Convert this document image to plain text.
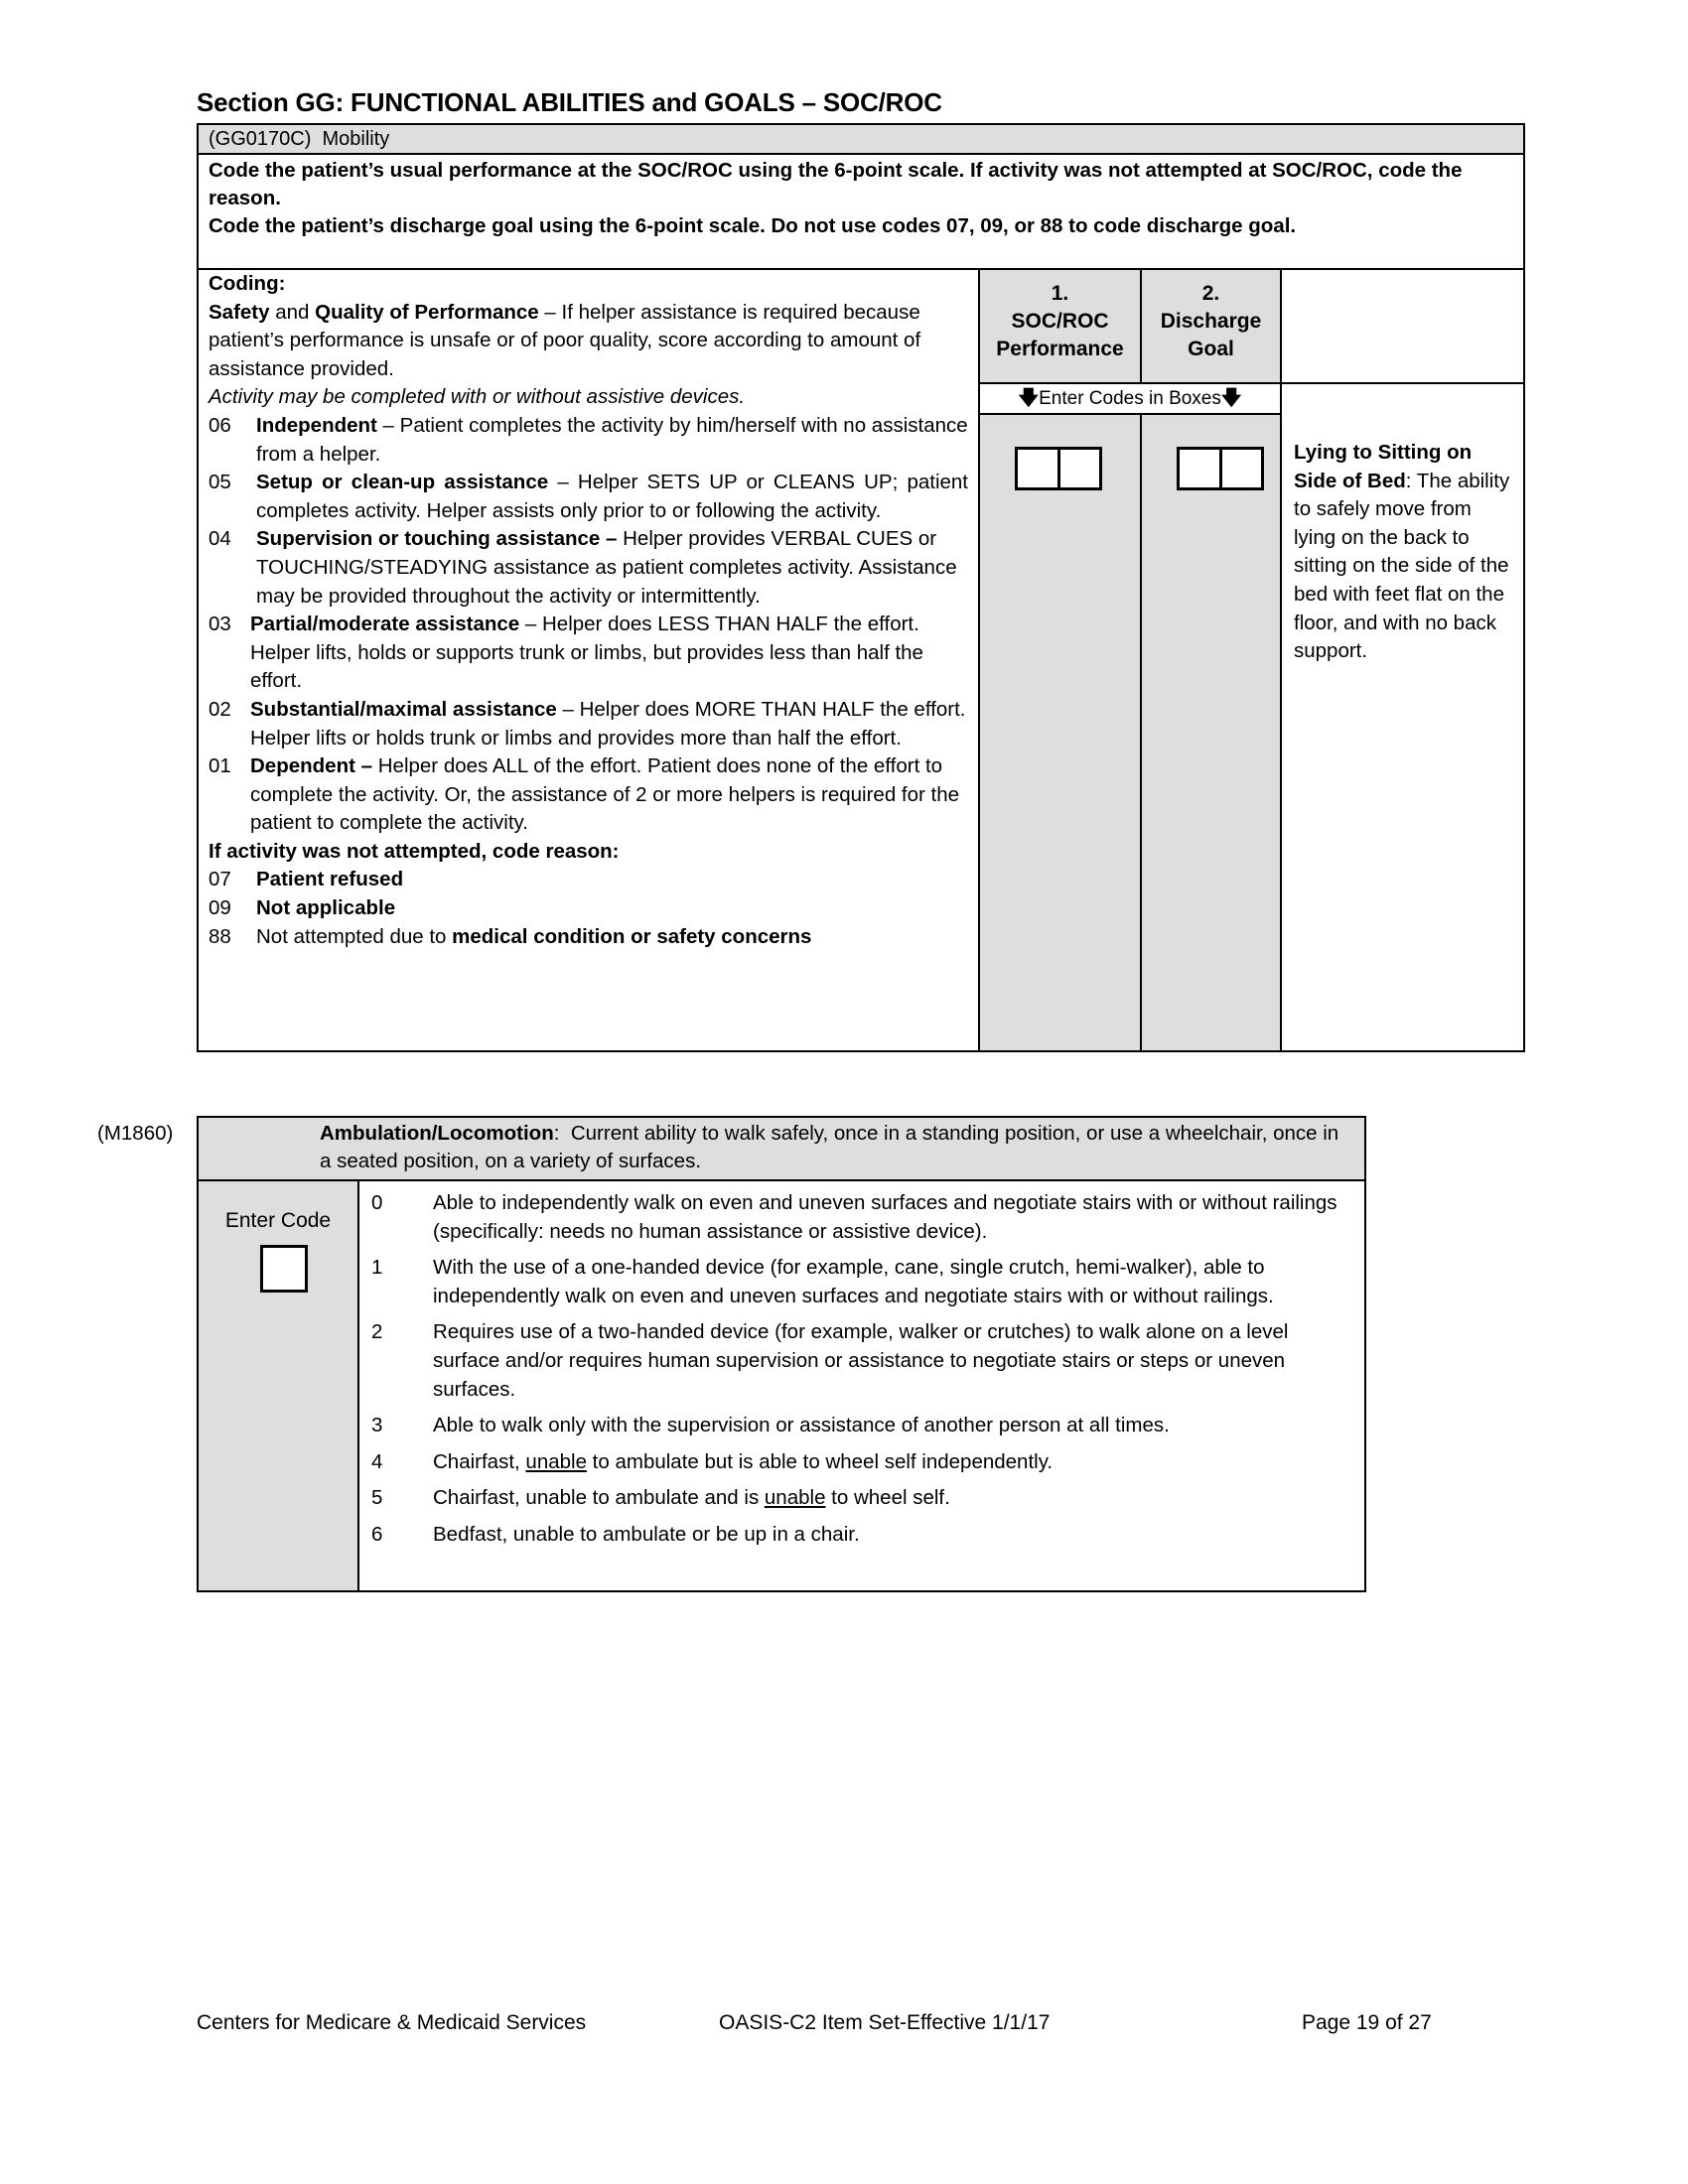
Section GG: FUNCTIONAL ABILITIES and GOALS – SOC/ROC
(GG0170C)  Mobility
Code the patient’s usual performance at the SOC/ROC using the 6-point scale. If activity was not attempted at SOC/ROC, code the reason.
Code the patient’s discharge goal using the 6-point scale. Do not use codes 07, 09, or 88 to code discharge goal.
Coding:
Safety and Quality of Performance – If helper assistance is required because patient’s performance is unsafe or of poor quality, score according to amount of assistance provided.
Activity may be completed with or without assistive devices.
06	Independent – Patient completes the activity by him/herself with no assistance from a helper.
05	Setup or clean-up assistance – Helper SETS UP or CLEANS UP; patient completes activity. Helper assists only prior to or following the activity.
04	Supervision or touching assistance – Helper provides VERBAL CUES or TOUCHING/STEADYING assistance as patient completes activity. Assistance may be provided throughout the activity or intermittently.
03 Partial/moderate assistance – Helper does LESS THAN HALF the effort. Helper lifts, holds or supports trunk or limbs, but provides less than half the effort.
02 Substantial/maximal assistance – Helper does MORE THAN HALF the effort. Helper lifts or holds trunk or limbs and provides more than half the effort.
01 Dependent – Helper does ALL of the effort. Patient does none of the effort to complete the activity. Or, the assistance of 2 or more helpers is required for the patient to complete the activity.
If activity was not attempted, code reason:
07	Patient refused
09	Not applicable
88	Not attempted due to medical condition or safety concerns
1.
SOC/ROC
Performance
2.
Discharge
Goal
🡇Enter Codes in Boxes🡇
Lying to Sitting on Side of Bed: The ability to safely move from lying on the back to sitting on the side of the bed with feet flat on the floor, and with no back support.
(M1860)	Ambulation/Locomotion:  Current ability to walk safely, once in a standing position, or use a wheelchair, once in a seated position, on a variety of surfaces.
Enter Code
0	Able to independently walk on even and uneven surfaces and negotiate stairs with or without railings (specifically: needs no human assistance or assistive device).
1	With the use of a one-handed device (for example, cane, single crutch, hemi-walker), able to independently walk on even and uneven surfaces and negotiate stairs with or without railings.
2	Requires use of a two-handed device (for example, walker or crutches) to walk alone on a level surface and/or requires human supervision or assistance to negotiate stairs or steps or uneven surfaces.
3	Able to walk only with the supervision or assistance of another person at all times.
4	Chairfast, unable to ambulate but is able to wheel self independently.
5	Chairfast, unable to ambulate and is unable to wheel self.
6	Bedfast, unable to ambulate or be up in a chair.
Centers for Medicare & Medicaid Services	OASIS-C2 Item Set-Effective 1/1/17	Page 19 of 27
